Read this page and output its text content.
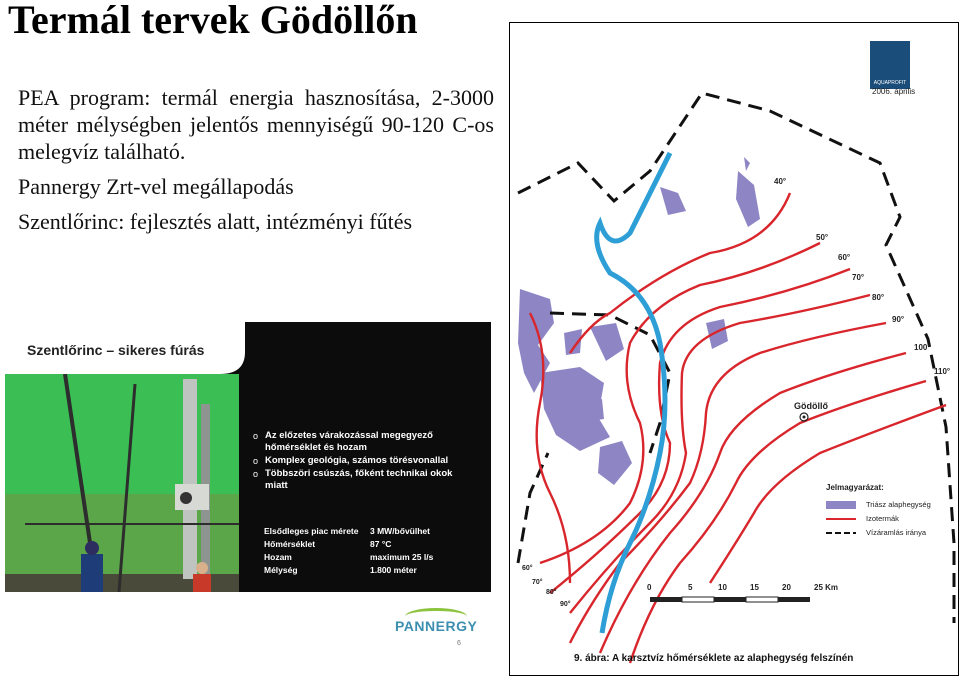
Termál tervek Gödöllőn

PEA program: termál energia hasznosítása, 2-3000 méter mélységben jelentős mennyiségű 90-120 C-os melegvíz található.

Pannergy Zrt-vel megállapodás

Szentlőrinc: fejlesztés alatt, intézményi fűtés

Szentlőrinc – sikeres fúrás
o Az előzetes várakozással megegyező hőmérséklet és hozam
o Komplex geológia, számos törésvonallal
o Többszöri csúszás, főként technikai okok miatt
Elsődleges piac mérete	3 MW/bővülhet
Hőmérséklet	87 °C
Hozam	maximum 25 l/s
Mélység	1.800 méter
PANNERGY
6
AQUAPROFIT
2006. április
40°
50°
60°
70°
80°
90°
100°
110°
60°
70°
80°
90°
Gödöllő
Jelmagyarázat:
Triász alaphegység
Izotermák
Vízáramlás iránya
0	5	10	15	20	25 Km
9. ábra: A karsztvíz hőmérséklete az alaphegység felszínén
